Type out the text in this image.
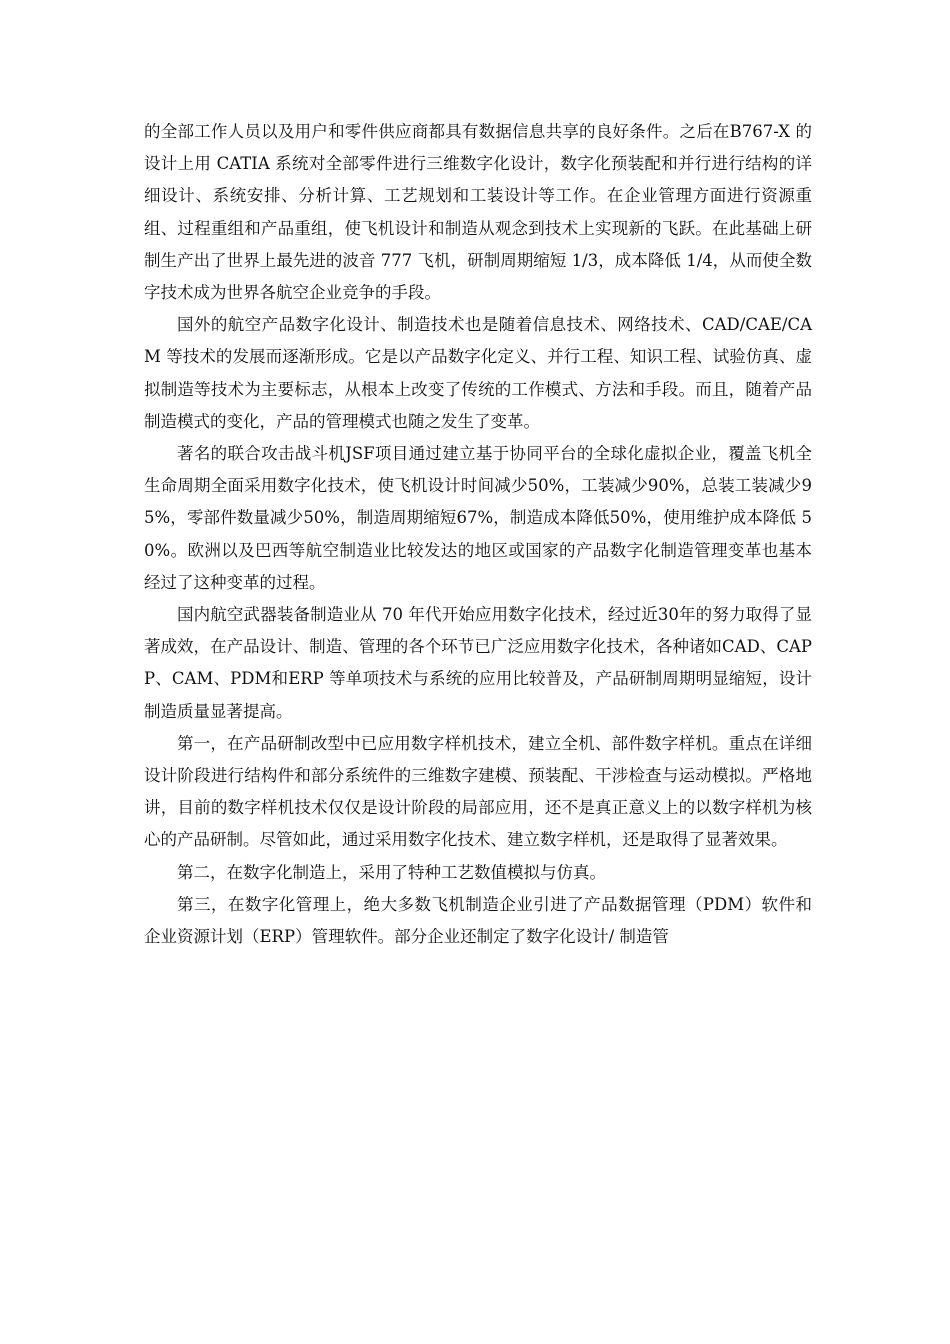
的全部工作人员以及用户和零件供应商都具有数据信息共享的良好条件。之后在B767-X 的设计上用 CATIA 系统对全部零件进行三维数字化设计，数字化预装配和并行进行结构的详细设计、系统安排、分析计算、工艺规划和工装设计等工作。在企业管理方面进行资源重组、过程重组和产品重组，使飞机设计和制造从观念到技术上实现新的飞跃。在此基础上研制生产出了世界上最先进的波音 777 飞机，研制周期缩短 1/3，成本降低 1/4，从而使全数字技术成为世界各航空企业竞争的手段。

国外的航空产品数字化设计、制造技术也是随着信息技术、网络技术、CAD/CAE/CAM 等技术的发展而逐渐形成。它是以产品数字化定义、并行工程、知识工程、试验仿真、虚拟制造等技术为主要标志，从根本上改变了传统的工作模式、方法和手段。而且，随着产品制造模式的变化，产品的管理模式也随之发生了变革。

著名的联合攻击战斗机JSF项目通过建立基于协同平台的全球化虚拟企业，覆盖飞机全生命周期全面采用数字化技术，使飞机设计时间减少50%，工装减少90%，总装工装减少95%，零部件数量减少50%，制造周期缩短67%，制造成本降低50%，使用维护成本降低 50%。欧洲以及巴西等航空制造业比较发达的地区或国家的产品数字化制造管理变革也基本经过了这种变革的过程。

国内航空武器装备制造业从 70 年代开始应用数字化技术，经过近30年的努力取得了显著成效，在产品设计、制造、管理的各个环节已广泛应用数字化技术，各种诸如CAD、CAPP、CAM、PDM和ERP 等单项技术与系统的应用比较普及，产品研制周期明显缩短，设计制造质量显著提高。

第一，在产品研制改型中已应用数字样机技术，建立全机、部件数字样机。重点在详细设计阶段进行结构件和部分系统件的三维数字建模、预装配、干涉检查与运动模拟。严格地讲，目前的数字样机技术仅仅是设计阶段的局部应用，还不是真正意义上的以数字样机为核心的产品研制。尽管如此，通过采用数字化技术、建立数字样机，还是取得了显著效果。

第二，在数字化制造上，采用了特种工艺数值模拟与仿真。

第三，在数字化管理上，绝大多数飞机制造企业引进了产品数据管理（PDM）软件和企业资源计划（ERP）管理软件。部分企业还制定了数字化设计/ 制造管
